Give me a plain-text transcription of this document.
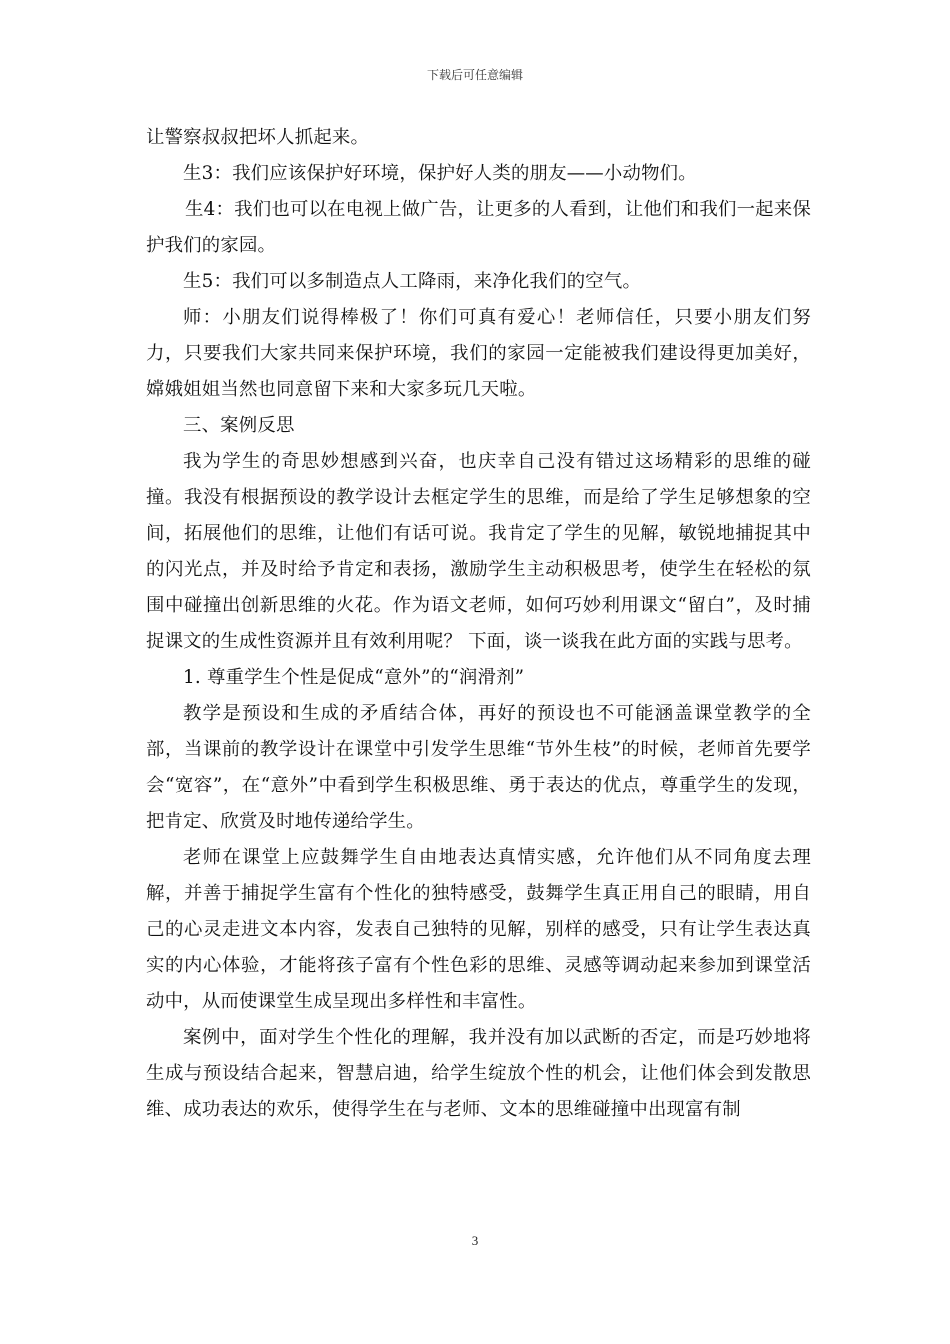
下载后可任意编辑

让警察叔叔把坏人抓起来。

生3：我们应该保护好环境，保护好人类的朋友——小动物们。

生4：我们也可以在电视上做广告，让更多的人看到，让他们和我们一起来保护我们的家园。

生5：我们可以多制造点人工降雨，来净化我们的空气。

师：小朋友们说得棒极了！你们可真有爱心！老师信任，只要小朋友们努力，只要我们大家共同来保护环境，我们的家园一定能被我们建设得更加美好，嫦娥姐姐当然也同意留下来和大家多玩几天啦。

三、案例反思

我为学生的奇思妙想感到兴奋，也庆幸自己没有错过这场精彩的思维的碰撞。我没有根据预设的教学设计去框定学生的思维，而是给了学生足够想象的空间，拓展他们的思维，让他们有话可说。我肯定了学生的见解，敏锐地捕捉其中的闪光点，并及时给予肯定和表扬，激励学生主动积极思考，使学生在轻松的氛围中碰撞出创新思维的火花。作为语文老师，如何巧妙利用课文“留白”，及时捕捉课文的生成性资源并且有效利用呢？ 下面，谈一谈我在此方面的实践与思考。

1. 尊重学生个性是促成“意外”的“润滑剂”

教学是预设和生成的矛盾结合体，再好的预设也不可能涵盖课堂教学的全部，当课前的教学设计在课堂中引发学生思维“节外生枝”的时候，老师首先要学会“宽容”，在“意外”中看到学生积极思维、勇于表达的优点，尊重学生的发现，把肯定、欣赏及时地传递给学生。

老师在课堂上应鼓舞学生自由地表达真情实感，允许他们从不同角度去理解，并善于捕捉学生富有个性化的独特感受，鼓舞学生真正用自己的眼睛，用自己的心灵走进文本内容，发表自己独特的见解，别样的感受，只有让学生表达真实的内心体验，才能将孩子富有个性色彩的思维、灵感等调动起来参加到课堂活动中，从而使课堂生成呈现出多样性和丰富性。

案例中，面对学生个性化的理解，我并没有加以武断的否定，而是巧妙地将生成与预设结合起来，智慧启迪，给学生绽放个性的机会，让他们体会到发散思维、成功表达的欢乐，使得学生在与老师、文本的思维碰撞中出现富有制

3
